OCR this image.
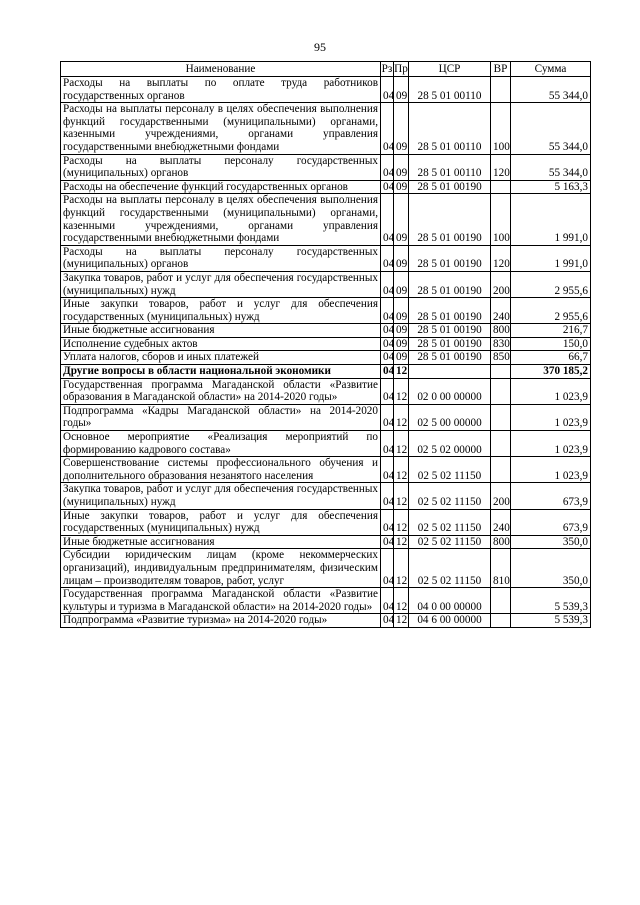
95
Наименование	Рз	Пр	ЦСР	ВР	Сумма
Расходы на выплаты по оплате труда работников государственных органов	04	09	28 5 01 00110		55 344,0
Расходы на выплаты персоналу в целях обеспечения выполнения функций государственными (муниципальными) органами, казенными учреждениями, органами управления государственными внебюджетными фондами	04	09	28 5 01 00110	100	55 344,0
Расходы на выплаты персоналу государственных (муниципальных) органов	04	09	28 5 01 00110	120	55 344,0
Расходы на обеспечение функций государственных органов	04	09	28 5 01 00190		5 163,3
Расходы на выплаты персоналу в целях обеспечения выполнения функций государственными (муниципальными) органами, казенными учреждениями, органами управления государственными внебюджетными фондами	04	09	28 5 01 00190	100	1 991,0
Расходы на выплаты персоналу государственных (муниципальных) органов	04	09	28 5 01 00190	120	1 991,0
Закупка товаров, работ и услуг для обеспечения государственных (муниципальных) нужд	04	09	28 5 01 00190	200	2 955,6
Иные закупки товаров, работ и услуг для обеспечения государственных (муниципальных) нужд	04	09	28 5 01 00190	240	2 955,6
Иные бюджетные ассигнования	04	09	28 5 01 00190	800	216,7
Исполнение судебных актов	04	09	28 5 01 00190	830	150,0
Уплата налогов, сборов и иных платежей	04	09	28 5 01 00190	850	66,7
Другие вопросы в области национальной экономики	04	12			370 185,2
Государственная программа Магаданской области «Развитие образования в Магаданской области» на 2014-2020 годы»	04	12	02 0 00 00000		1 023,9
Подпрограмма «Кадры Магаданской области» на 2014-2020 годы»	04	12	02 5 00 00000		1 023,9
Основное мероприятие «Реализация мероприятий по формированию кадрового состава»	04	12	02 5 02 00000		1 023,9
Совершенствование системы профессионального обучения и дополнительного образования незанятого населения	04	12	02 5 02 11150		1 023,9
Закупка товаров, работ и услуг для обеспечения государственных (муниципальных) нужд	04	12	02 5 02 11150	200	673,9
Иные закупки товаров, работ и услуг для обеспечения государственных (муниципальных) нужд	04	12	02 5 02 11150	240	673,9
Иные бюджетные ассигнования	04	12	02 5 02 11150	800	350,0
Субсидии юридическим лицам (кроме некоммерческих организаций), индивидуальным предпринимателям, физическим лицам – производителям товаров, работ, услуг	04	12	02 5 02 11150	810	350,0
Государственная программа Магаданской области «Развитие культуры и туризма в Магаданской области» на 2014-2020 годы»	04	12	04 0 00 00000		5 539,3
Подпрограмма «Развитие туризма» на 2014-2020 годы»	04	12	04 6 00 00000		5 539,3
